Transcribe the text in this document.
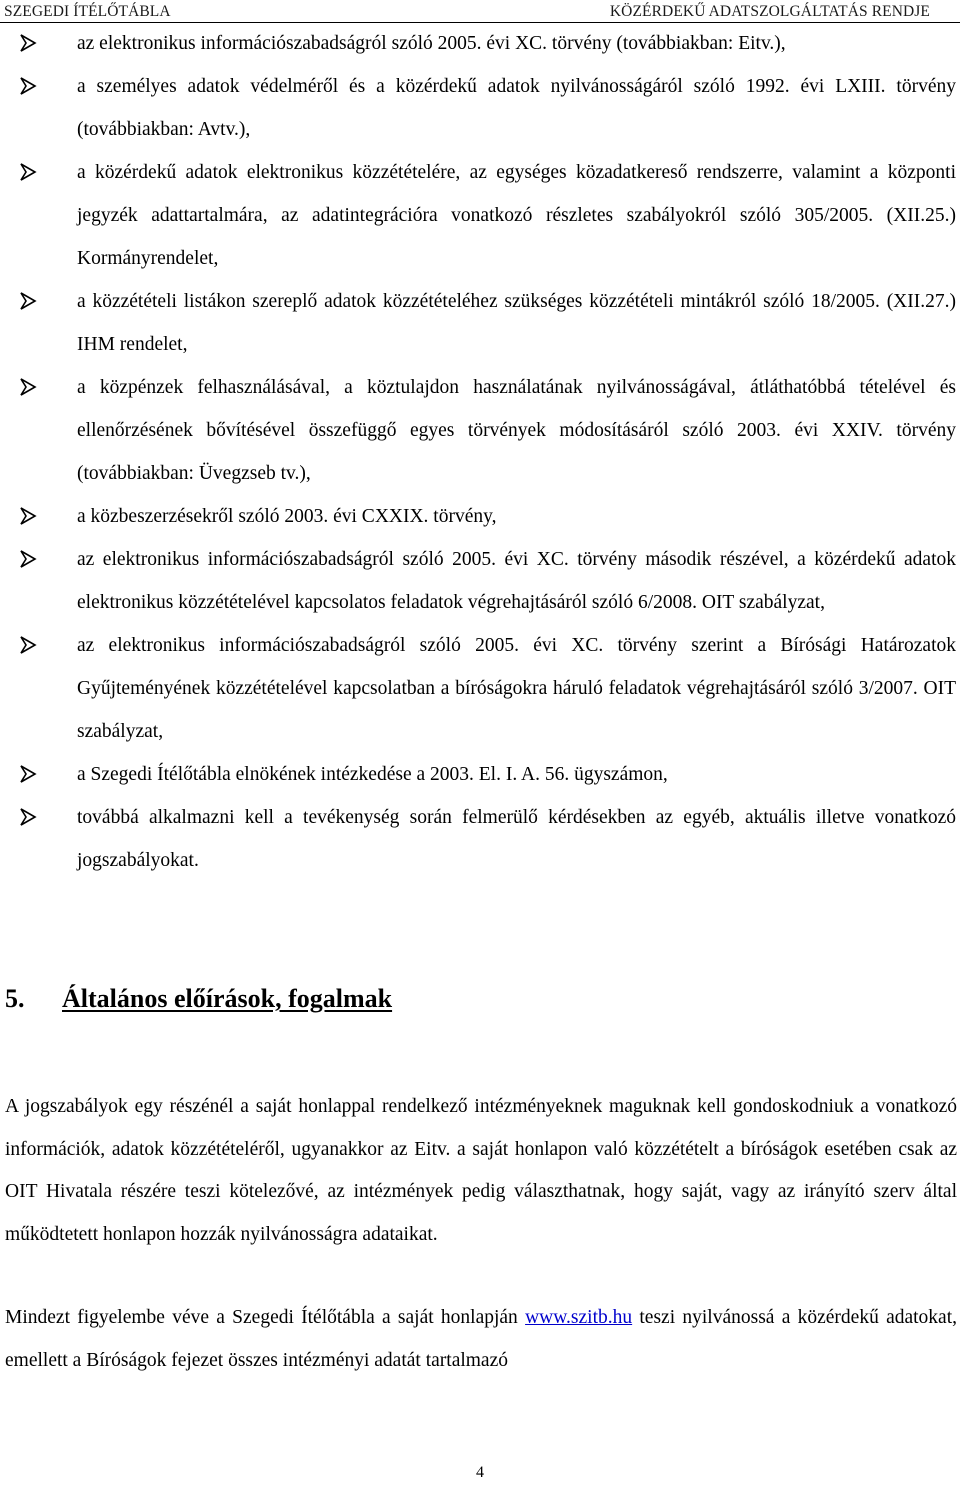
SZEGEDI ÍTÉLŐTÁBLA	KÖZÉRDEKŰ ADATSZOLGÁLTATÁS RENDJE
az elektronikus információszabadságról szóló 2005. évi XC. törvény (továbbiakban: Eitv.),
a személyes adatok védelméről és a közérdekű adatok nyilvánosságáról szóló 1992. évi LXIII. törvény (továbbiakban: Avtv.),
a közérdekű adatok elektronikus közzétételére, az egységes közadatkereső rendszerre, valamint a központi jegyzék adattartalmára, az adatintegrációra vonatkozó részletes szabályokról szóló 305/2005. (XII.25.) Kormányrendelet,
a közzétételi listákon szereplő adatok közzétételéhez szükséges közzétételi mintákról szóló 18/2005. (XII.27.) IHM rendelet,
a közpénzek felhasználásával, a köztulajdon használatának nyilvánosságával, átláthatóbbá tételével és ellenőrzésének bővítésével összefüggő egyes törvények módosításáról szóló 2003. évi XXIV. törvény (továbbiakban: Üvegzseb tv.),
a közbeszerzésekről szóló 2003. évi CXXIX. törvény,
az elektronikus információszabadságról szóló 2005. évi XC. törvény második részével, a közérdekű adatok elektronikus közzétételével kapcsolatos feladatok végrehajtásáról szóló 6/2008. OIT szabályzat,
az elektronikus információszabadságról szóló 2005. évi XC. törvény szerint a Bírósági Határozatok Gyűjteményének közzétételével kapcsolatban a bíróságokra háruló feladatok végrehajtásáról szóló 3/2007. OIT szabályzat,
a Szegedi Ítélőtábla elnökének intézkedése a 2003. El. I. A. 56. ügyszámon,
továbbá alkalmazni kell a tevékenység során felmerülő kérdésekben az egyéb, aktuális illetve vonatkozó jogszabályokat.
5. Általános előírások, fogalmak

A jogszabályok egy részénél a saját honlappal rendelkező intézményeknek maguknak kell gondoskodniuk a vonatkozó információk, adatok közzétételéről, ugyanakkor az Eitv. a saját honlapon való közzétételt a bíróságok esetében csak az OIT Hivatala részére teszi kötelezővé, az intézmények pedig választhatnak, hogy saját, vagy az irányító szerv által működtetett honlapon hozzák nyilvánosságra adataikat.

Mindezt figyelembe véve a Szegedi Ítélőtábla a saját honlapján www.szitb.hu teszi nyilvánossá a közérdekű adatokat, emellett a Bíróságok fejezet összes intézményi adatát tartalmazó

4
